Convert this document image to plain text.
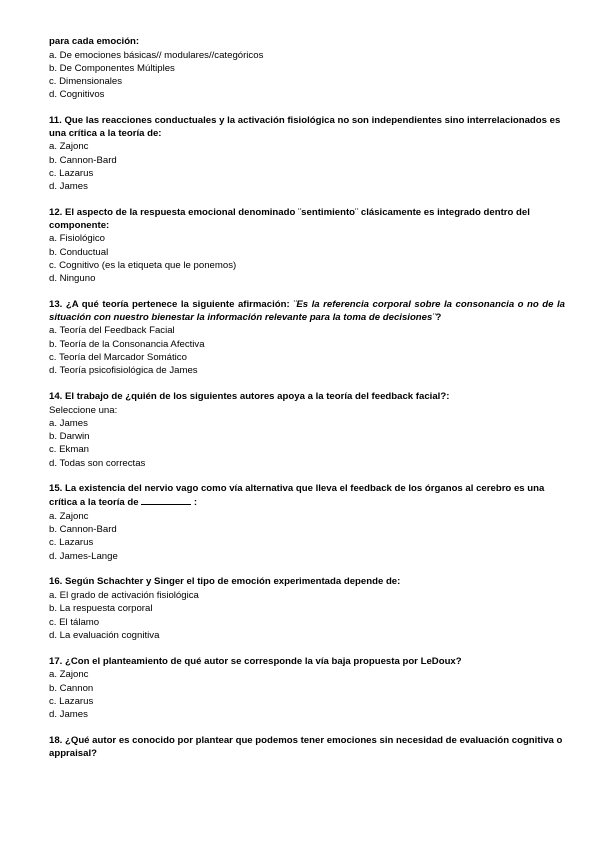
para cada emoción:

a. De emociones básicas// modulares//categóricos

b. De Componentes Múltiples

c. Dimensionales

d. Cognitivos

11. Que las reacciones conductuales y la activación fisiológica no son independientes sino interrelacionados es una crítica a la teoría de:

a. Zajonc

b. Cannon-Bard

c. Lazarus

d. James

12. El aspecto de la respuesta emocional denominado ¨sentimiento¨ clásicamente es integrado dentro del componente:

a. Fisiológico

b. Conductual

c. Cognitivo (es la etiqueta que le ponemos)

d. Ninguno

13. ¿A qué teoría pertenece la siguiente afirmación: ¨Es la referencia corporal sobre la consonancia o no de la situación con nuestro bienestar la información relevante para la toma de decisiones¨?

a. Teoría del Feedback Facial

b. Teoría de la Consonancia Afectiva

c. Teoría del Marcador Somático

d. Teoría psicofisiológica de James

14. El trabajo de ¿quién de los siguientes autores apoya a la teoría del feedback facial?:

Seleccione una:

a. James

b. Darwin

c. Ekman

d. Todas son correctas

15. La existencia del nervio vago como vía alternativa que lleva el feedback de los órganos al cerebro es una crítica a la teoría de	:

a. Zajonc

b. Cannon-Bard

c. Lazarus

d. James-Lange

16. Según Schachter y Singer el tipo de emoción experimentada depende de:

a. El grado de activación fisiológica

b. La respuesta corporal

c. El tálamo

d. La evaluación cognitiva

17. ¿Con el planteamiento de qué autor se corresponde la vía baja propuesta por LeDoux?

a. Zajonc

b. Cannon

c. Lazarus

d. James

18. ¿Qué autor es conocido por plantear que podemos tener emociones sin necesidad de evaluación cognitiva o appraisal?
